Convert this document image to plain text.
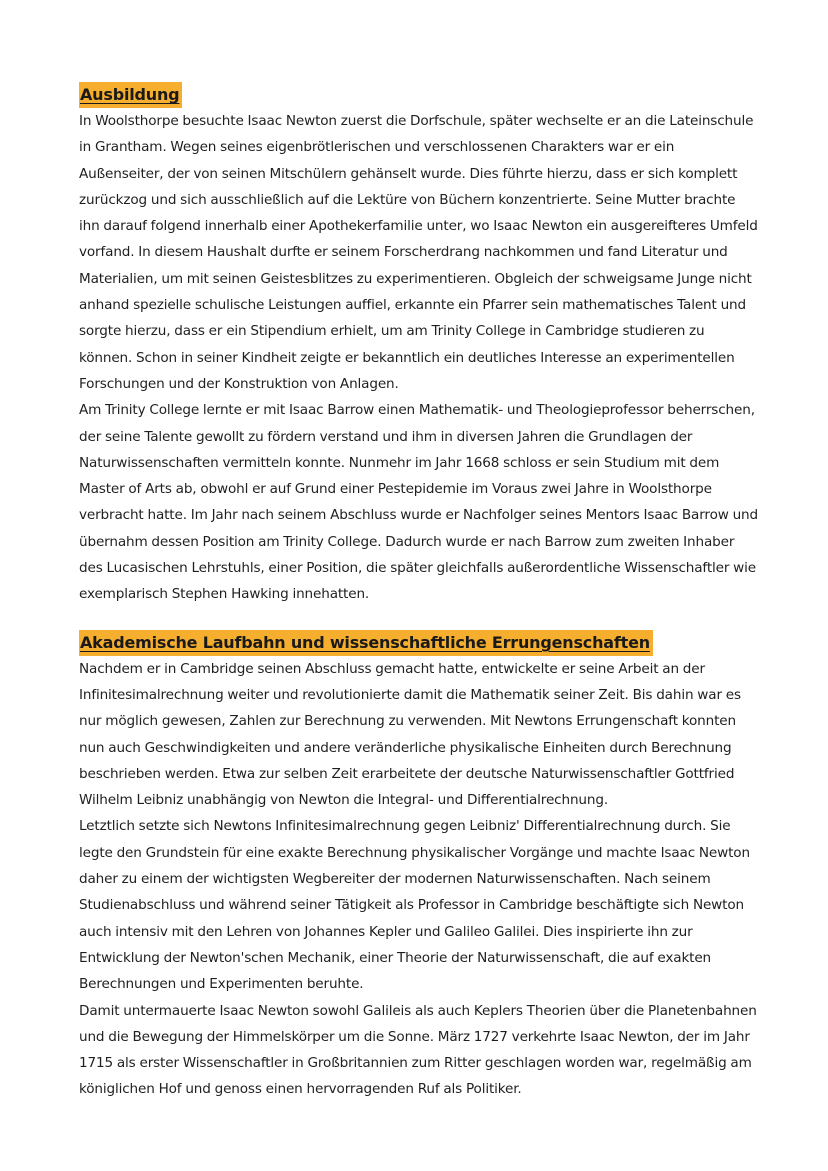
Ausbildung

In Woolsthorpe besuchte Isaac Newton zuerst die Dorfschule, später wechselte er an die Lateinschule in Grantham. Wegen seines eigenbrötlerischen und verschlossenen Charakters war er ein Außenseiter, der von seinen Mitschülern gehänselt wurde. Dies führte hierzu, dass er sich komplett zurückzog und sich ausschließlich auf die Lektüre von Büchern konzentrierte. Seine Mutter brachte ihn darauf folgend innerhalb einer Apothekerfamilie unter, wo Isaac Newton ein ausgereifteres Umfeld vorfand. In diesem Haushalt durfte er seinem Forscherdrang nachkommen und fand Literatur und Materialien, um mit seinen Geistesblitzes zu experimentieren. Obgleich der schweigsame Junge nicht anhand spezielle schulische Leistungen auffiel, erkannte ein Pfarrer sein mathematisches Talent und sorgte hierzu, dass er ein Stipendium erhielt, um am Trinity College in Cambridge studieren zu können. Schon in seiner Kindheit zeigte er bekanntlich ein deutliches Interesse an experimentellen Forschungen und der Konstruktion von Anlagen.

Am Trinity College lernte er mit Isaac Barrow einen Mathematik- und Theologieprofessor beherrschen, der seine Talente gewollt zu fördern verstand und ihm in diversen Jahren die Grundlagen der Naturwissenschaften vermitteln konnte. Nunmehr im Jahr 1668 schloss er sein Studium mit dem Master of Arts ab, obwohl er auf Grund einer Pestepidemie im Voraus zwei Jahre in Woolsthorpe verbracht hatte. Im Jahr nach seinem Abschluss wurde er Nachfolger seines Mentors Isaac Barrow und übernahm dessen Position am Trinity College. Dadurch wurde er nach Barrow zum zweiten Inhaber des Lucasischen Lehrstuhls, einer Position, die später gleichfalls außerordentliche Wissenschaftler wie exemplarisch Stephen Hawking innehatten.

Akademische Laufbahn und wissenschaftliche Errungenschaften

Nachdem er in Cambridge seinen Abschluss gemacht hatte, entwickelte er seine Arbeit an der Infinitesimalrechnung weiter und revolutionierte damit die Mathematik seiner Zeit. Bis dahin war es nur möglich gewesen, Zahlen zur Berechnung zu verwenden. Mit Newtons Errungenschaft konnten nun auch Geschwindigkeiten und andere veränderliche physikalische Einheiten durch Berechnung beschrieben werden. Etwa zur selben Zeit erarbeitete der deutsche Naturwissenschaftler Gottfried Wilhelm Leibniz unabhängig von Newton die Integral- und Differentialrechnung.

Letztlich setzte sich Newtons Infinitesimalrechnung gegen Leibniz' Differentialrechnung durch. Sie legte den Grundstein für eine exakte Berechnung physikalischer Vorgänge und machte Isaac Newton daher zu einem der wichtigsten Wegbereiter der modernen Naturwissenschaften. Nach seinem Studienabschluss und während seiner Tätigkeit als Professor in Cambridge beschäftigte sich Newton auch intensiv mit den Lehren von Johannes Kepler und Galileo Galilei. Dies inspirierte ihn zur Entwicklung der Newton'schen Mechanik, einer Theorie der Naturwissenschaft, die auf exakten Berechnungen und Experimenten beruhte.

Damit untermauerte Isaac Newton sowohl Galileis als auch Keplers Theorien über die Planetenbahnen und die Bewegung der Himmelskörper um die Sonne. März 1727 verkehrte Isaac Newton, der im Jahr 1715 als erster Wissenschaftler in Großbritannien zum Ritter geschlagen worden war, regelmäßig am königlichen Hof und genoss einen hervorragenden Ruf als Politiker.
